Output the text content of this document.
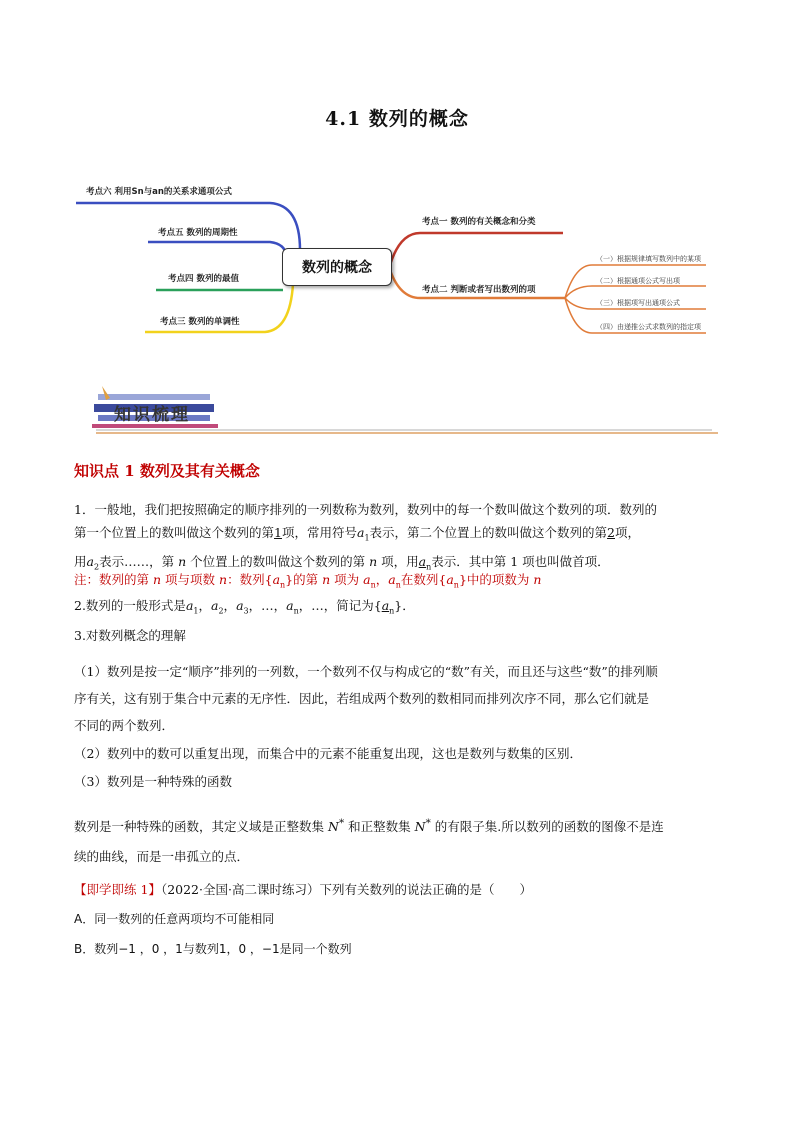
4.1 数列的概念
考点六 利用Sn与an的关系求通项公式
考点五 数列的周期性
考点四 数列的最值
考点三 数列的单调性
数列的概念
考点一 数列的有关概念和分类
考点二 判断或者写出数列的项
（一）根据规律填写数列中的某项
（二）根据通项公式写出项
（三）根据项写出通项公式
（四）由递推公式求数列的指定项
知识梳理
知识点 1 数列及其有关概念
1．一般地，我们把按照确定的顺序排列的一列数称为数列，数列中的每一个数叫做这个数列的项．数列的
第一个位置上的数叫做这个数列的第1项，常用符号$a_1$表示，第二个位置上的数叫做这个数列的第2项，
用$a_2$表示……，第 n 个位置上的数叫做这个数列的第 n 项，用$a_n$表示．其中第 1 项也叫做首项．
注：数列的第 n 项与项数 n：数列$\{a_n\}$的第 n 项为 $a_n$，$a_n$在数列$\{a_n\}$中的项数为 n
2.数列的一般形式是$a_1$，$a_2$，$a_3$，…，$a_n$，…，简记为$\{a_n\}$．
3.对数列概念的理解
（1）数列是按一定“顺序”排列的一列数，一个数列不仅与构成它的“数”有关，而且还与这些“数”的排列顺
序有关，这有别于集合中元素的无序性．因此，若组成两个数列的数相同而排列次序不同，那么它们就是
不同的两个数列．
（2）数列中的数可以重复出现，而集合中的元素不能重复出现，这也是数列与数集的区别．
（3）数列是一种特殊的函数
数列是一种特殊的函数，其定义域是正整数集 N* 和正整数集 N* 的有限子集.所以数列的函数的图像不是连
续的曲线，而是一串孤立的点．
【即学即练 1】（2022·全国·高二课时练习）下列有关数列的说法正确的是（　　）
A．同一数列的任意两项均不可能相同
B．数列−1 ，0 ，1与数列1，0 ，−1是同一个数列
